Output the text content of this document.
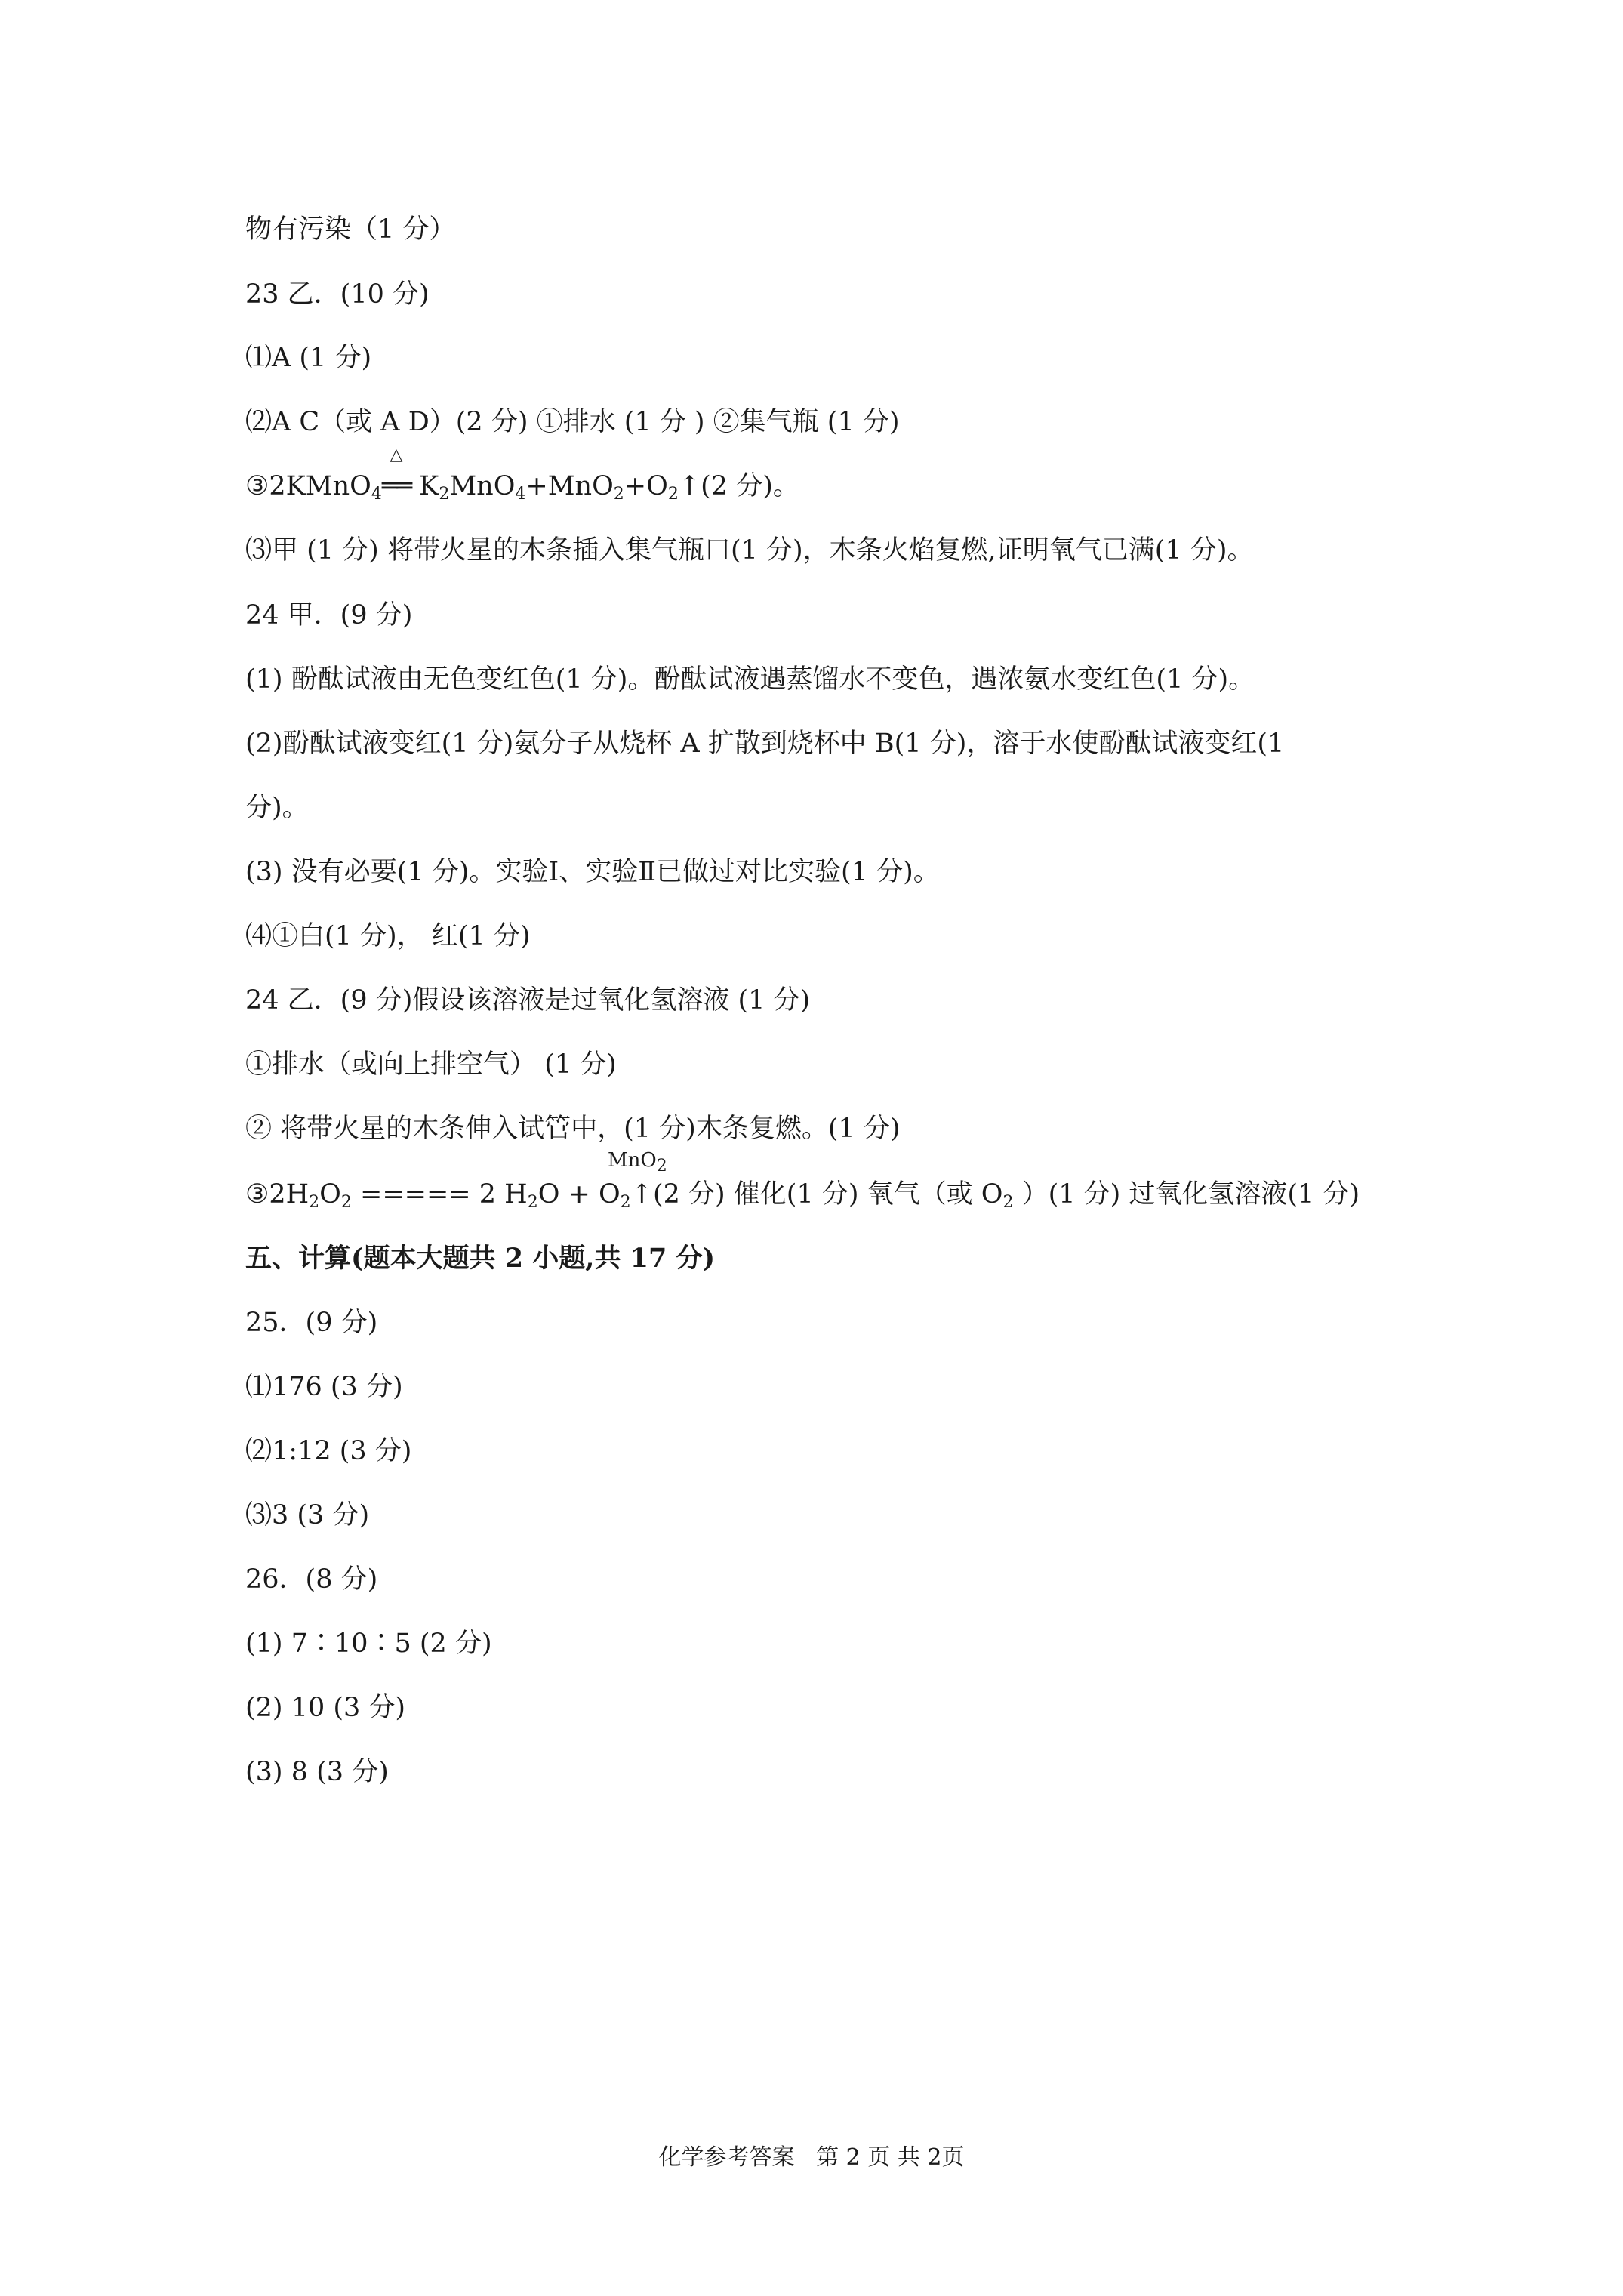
物有污染（1 分）
23 乙．(10 分)
⑴A (1 分)
⑵A C（或 A D）(2 分) ①排水 (1 分 ) ②集气瓶 (1 分)
③2KMnO$_4$
△
══ $K_2MnO_4+MnO_2+O_2↑(2$ 分)。
⑶甲 (1 分) 将带火星的木条插入集气瓶口(1 分)，木条火焰复燃,证明氧气已满(1 分)。
24 甲．(9 分)
(1) 酚酞试液由无色变红色(1 分)。酚酞试液遇蒸馏水不变色，遇浓氨水变红色(1 分)。
(2)酚酞试液变红(1 分)氨分子从烧杯 A 扩散到烧杯中 B(1 分)，溶于水使酚酞试液变红(1
分)。
(3) 没有必要(1 分)。实验Ⅰ、实验Ⅱ已做过对比实验(1 分)。
⑷①白(1 分)， 红(1 分)
24 乙．(9 分)假设该溶液是过氧化氢溶液 (1 分)
①排水（或向上排空气） (1 分)
② 将带火星的木条伸入试管中，(1 分)木条复燃。(1 分)
MnO$_2$
$③2H_2O_2$ ===== 2 $H_2O$ + $O_2↑(2$ 分) 催化(1 分) 氧气（或 $O_2$ ）(1 分) 过氧化氢溶液(1 分)
五、计算(题本大题共 2 小题,共 17 分)
25．(9 分)
⑴176 (3 分)
⑵1:12 (3 分)
⑶3 (3 分)
26．(8 分)
(1) 7∶10∶5 (2 分)
(2) 10 (3 分)
(3) 8 (3 分)
化学参考答案   第 2 页 共 2页
